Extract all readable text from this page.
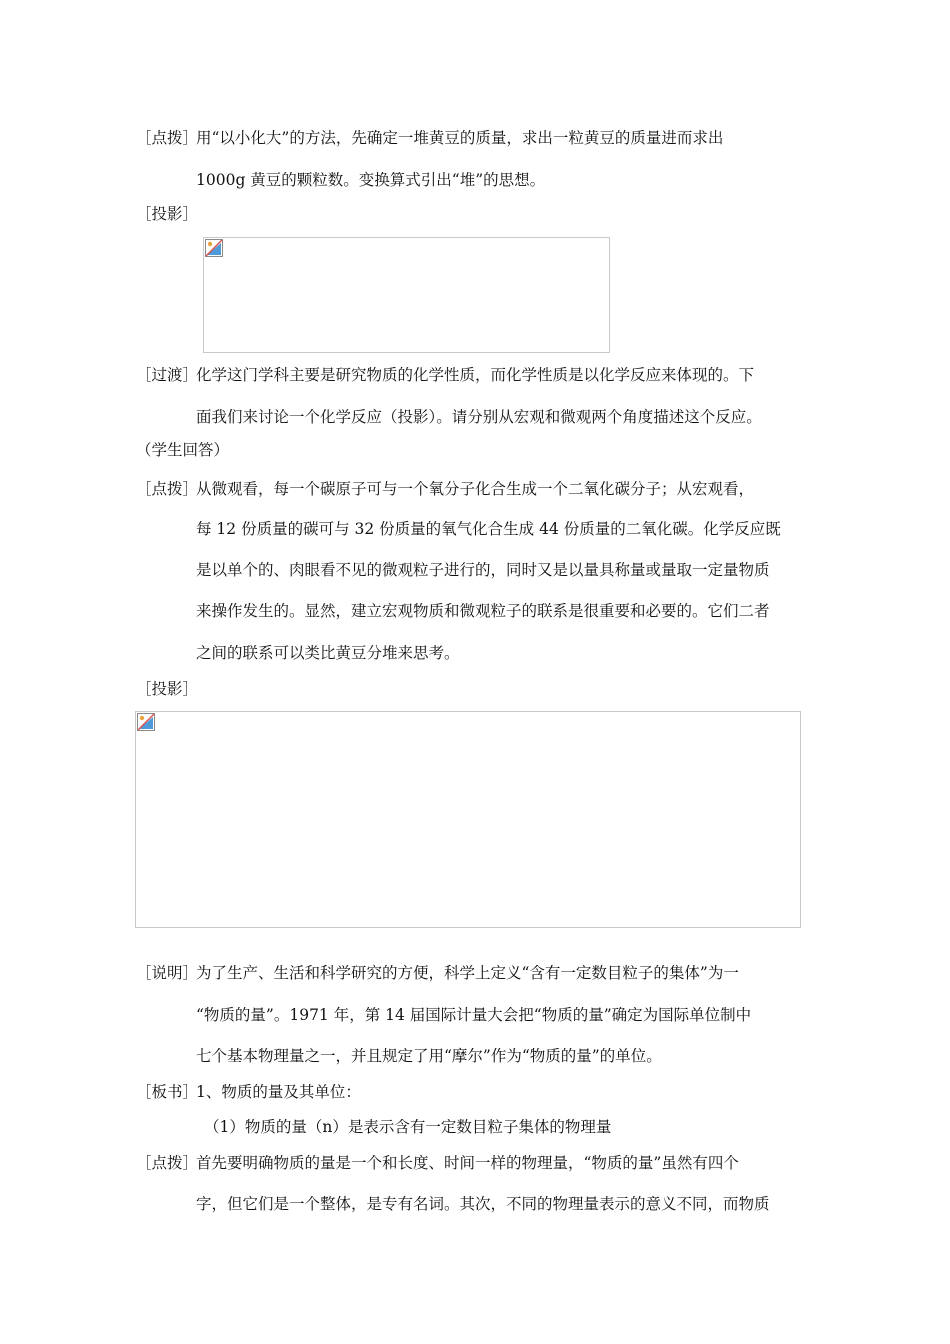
［点拨］
用“以小化大”的方法，先确定一堆黄豆的质量，求出一粒黄豆的质量进而求出
1000g 黄豆的颗粒数。变换算式引出“堆”的思想。
［投影］
［过渡］
化学这门学科主要是研究物质的化学性质，而化学性质是以化学反应来体现的。下
面我们来讨论一个化学反应（投影）。请分别从宏观和微观两个角度描述这个反应。
（学生回答）
［点拨］
从微观看，每一个碳原子可与一个氧分子化合生成一个二氧化碳分子；从宏观看，
每 12 份质量的碳可与 32 份质量的氧气化合生成 44 份质量的二氧化碳。化学反应既
是以单个的、肉眼看不见的微观粒子进行的，同时又是以量具称量或量取一定量物质
来操作发生的。显然，建立宏观物质和微观粒子的联系是很重要和必要的。它们二者
之间的联系可以类比黄豆分堆来思考。
［投影］
［说明］
为了生产、生活和科学研究的方便，科学上定义“含有一定数目粒子的集体”为一
“物质的量”。1971 年，第 14 届国际计量大会把“物质的量”确定为国际单位制中
七个基本物理量之一，并且规定了用“摩尔”作为“物质的量”的单位。
［板书］
1、物质的量及其单位：
（1）物质的量（n）是表示含有一定数目粒子集体的物理量
［点拨］
首先要明确物质的量是一个和长度、时间一样的物理量，“物质的量”虽然有四个
字，但它们是一个整体，是专有名词。其次，不同的物理量表示的意义不同，而物质
